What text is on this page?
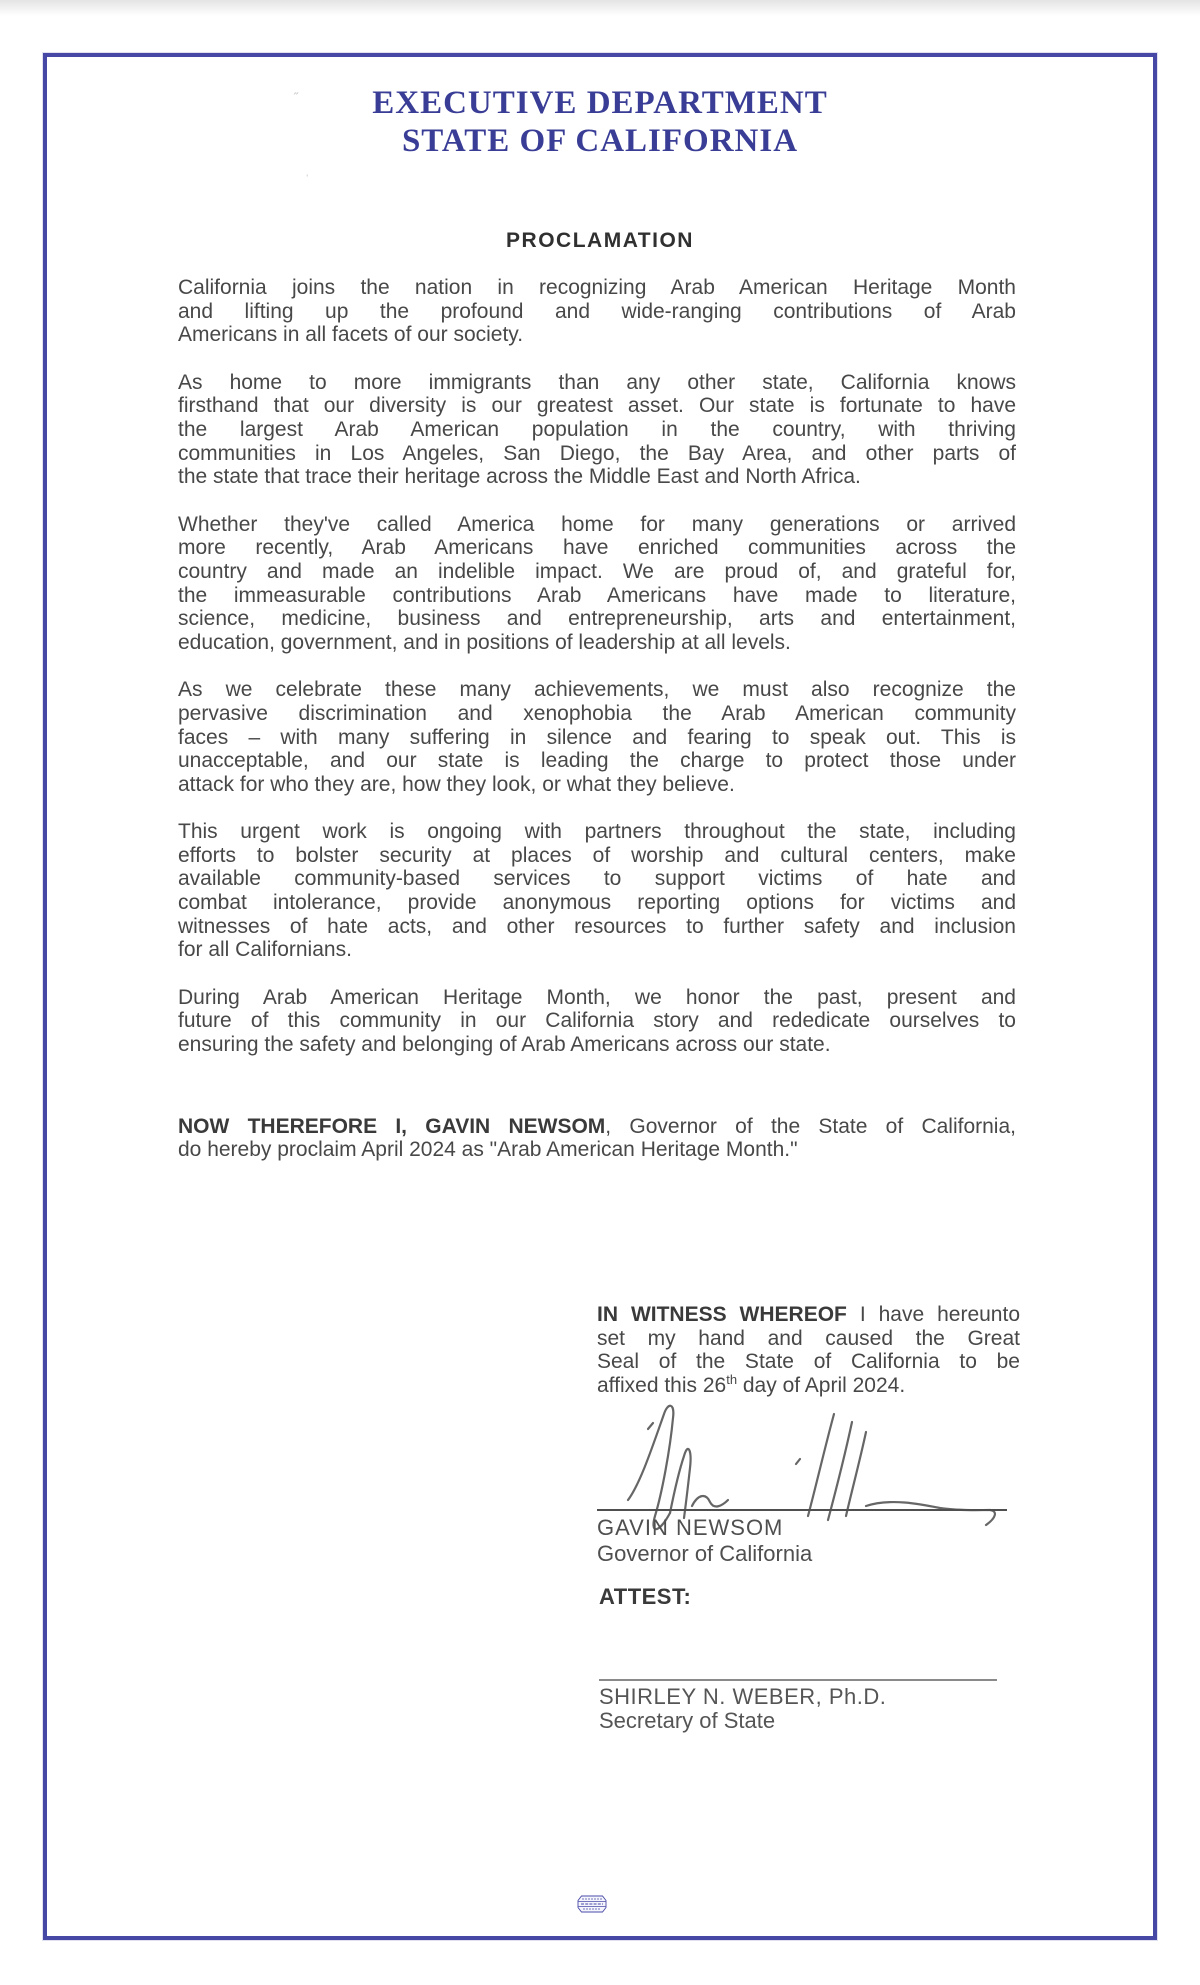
˶
ˈ
EXECUTIVE DEPARTMENT
STATE OF CALIFORNIA
PROCLAMATION
California joins the nation in recognizing Arab American Heritage Month
and lifting up the profound and wide-ranging contributions of Arab
Americans in all facets of our society.
As home to more immigrants than any other state, California knows
firsthand that our diversity is our greatest asset. Our state is fortunate to have
the largest Arab American population in the country, with thriving
communities in Los Angeles, San Diego, the Bay Area, and other parts of
the state that trace their heritage across the Middle East and North Africa.
Whether they've called America home for many generations or arrived
more recently, Arab Americans have enriched communities across the
country and made an indelible impact. We are proud of, and grateful for,
the immeasurable contributions Arab Americans have made to literature,
science, medicine, business and entrepreneurship, arts and entertainment,
education, government, and in positions of leadership at all levels.
As we celebrate these many achievements, we must also recognize the
pervasive discrimination and xenophobia the Arab American community
faces – with many suffering in silence and fearing to speak out. This is
unacceptable, and our state is leading the charge to protect those under
attack for who they are, how they look, or what they believe.
This urgent work is ongoing with partners throughout the state, including
efforts to bolster security at places of worship and cultural centers, make
available community-based services to support victims of hate and
combat intolerance, provide anonymous reporting options for victims and
witnesses of hate acts, and other resources to further safety and inclusion
for all Californians.
During Arab American Heritage Month, we honor the past, present and
future of this community in our California story and rededicate ourselves to
ensuring the safety and belonging of Arab Americans across our state.
NOW THEREFORE I, GAVIN NEWSOM, Governor of the State of California,
do hereby proclaim April 2024 as "Arab American Heritage Month."
IN WITNESS WHEREOF I have hereunto
set my hand and caused the Great
Seal of the State of California to be
affixed this 26th day of April 2024.
GAVIN NEWSOM
Governor of California
ATTEST:
SHIRLEY N. WEBER, Ph.D.
Secretary of State
